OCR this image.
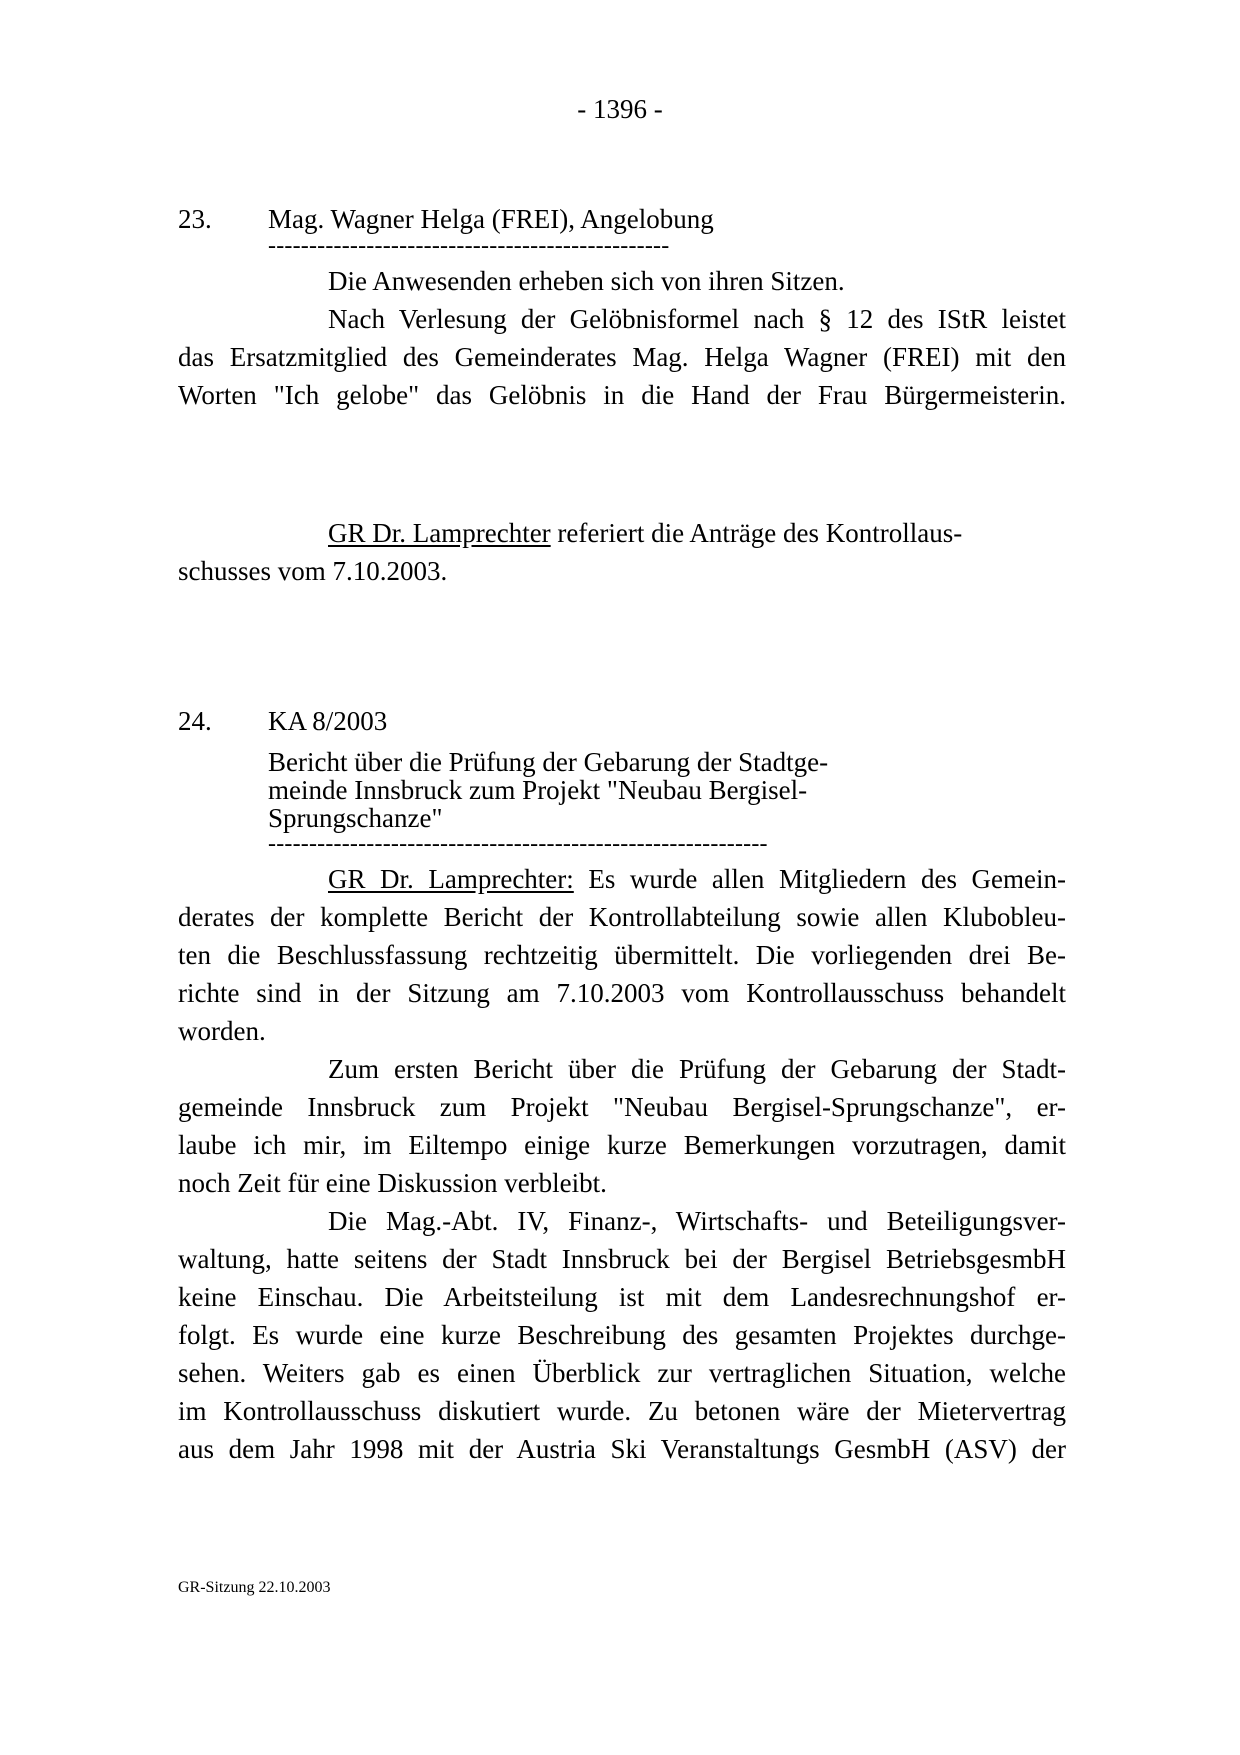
- 1396 -
23. Mag. Wagner Helga (FREI), Angelobung
-------------------------------------------------
Die Anwesenden erheben sich von ihren Sitzen.
Nach Verlesung der Gelöbnisformel nach § 12 des IStR leistet
das Ersatzmitglied des Gemeinderates Mag. Helga Wagner (FREI) mit den
Worten "Ich gelobe" das Gelöbnis in die Hand der Frau Bürgermeisterin.
GR Dr. Lamprechter referiert die Anträge des Kontrollaus-
schusses vom 7.10.2003.
24. KA 8/2003
Bericht über die Prüfung der Gebarung der Stadtge-
meinde Innsbruck zum Projekt "Neubau Bergisel-
Sprungschanze"
-------------------------------------------------------------
GR Dr. Lamprechter: Es wurde allen Mitgliedern des Gemein-
derates der komplette Bericht der Kontrollabteilung sowie allen Klubobleu-
ten die Beschlussfassung rechtzeitig übermittelt. Die vorliegenden drei Be-
richte sind in der Sitzung am 7.10.2003 vom Kontrollausschuss behandelt
worden.
Zum ersten Bericht über die Prüfung der Gebarung der Stadt-
gemeinde Innsbruck zum Projekt "Neubau Bergisel-Sprungschanze", er-
laube ich mir, im Eiltempo einige kurze Bemerkungen vorzutragen, damit
noch Zeit für eine Diskussion verbleibt.
Die Mag.-Abt. IV, Finanz-, Wirtschafts- und Beteiligungsver-
waltung, hatte seitens der Stadt Innsbruck bei der Bergisel BetriebsgesmbH
keine Einschau. Die Arbeitsteilung ist mit dem Landesrechnungshof er-
folgt. Es wurde eine kurze Beschreibung des gesamten Projektes durchge-
sehen. Weiters gab es einen Überblick zur vertraglichen Situation, welche
im Kontrollausschuss diskutiert wurde. Zu betonen wäre der Mietervertrag
aus dem Jahr 1998 mit der Austria Ski Veranstaltungs GesmbH (ASV) der
GR-Sitzung 22.10.2003
